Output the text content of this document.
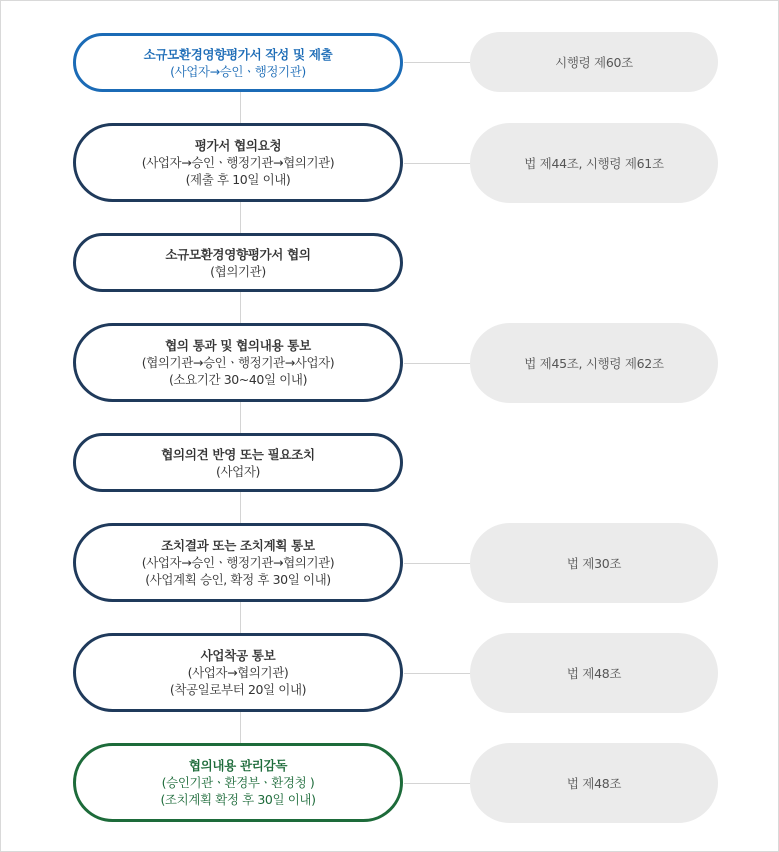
소규모환경영향평가서 작성 및 제출
(사업자→승인ㆍ행정기관)
시행령 제60조
평가서 협의요청
(사업자→승인ㆍ행정기관→협의기관)
(제출 후 10일 이내)
법 제44조, 시행령 제61조
소규모환경영향평가서 협의
(협의기관)
협의 통과 및 협의내용 통보
(협의기관→승인ㆍ행정기관→사업자)
(소요기간 30~40일 이내)
법 제45조, 시행령 제62조
협의의견 반영 또는 필요조치
(사업자)
조치결과 또는 조치계획 통보
(사업자→승인ㆍ행정기관→협의기관)
(사업계획 승인, 확정 후 30일 이내)
법 제30조
사업착공 통보
(사업자→협의기관)
(착공일로부터 20일 이내)
법 제48조
협의내용 관리감독
(승인기관ㆍ환경부ㆍ환경청 )
(조치계획 확정 후 30일 이내)
법 제48조
